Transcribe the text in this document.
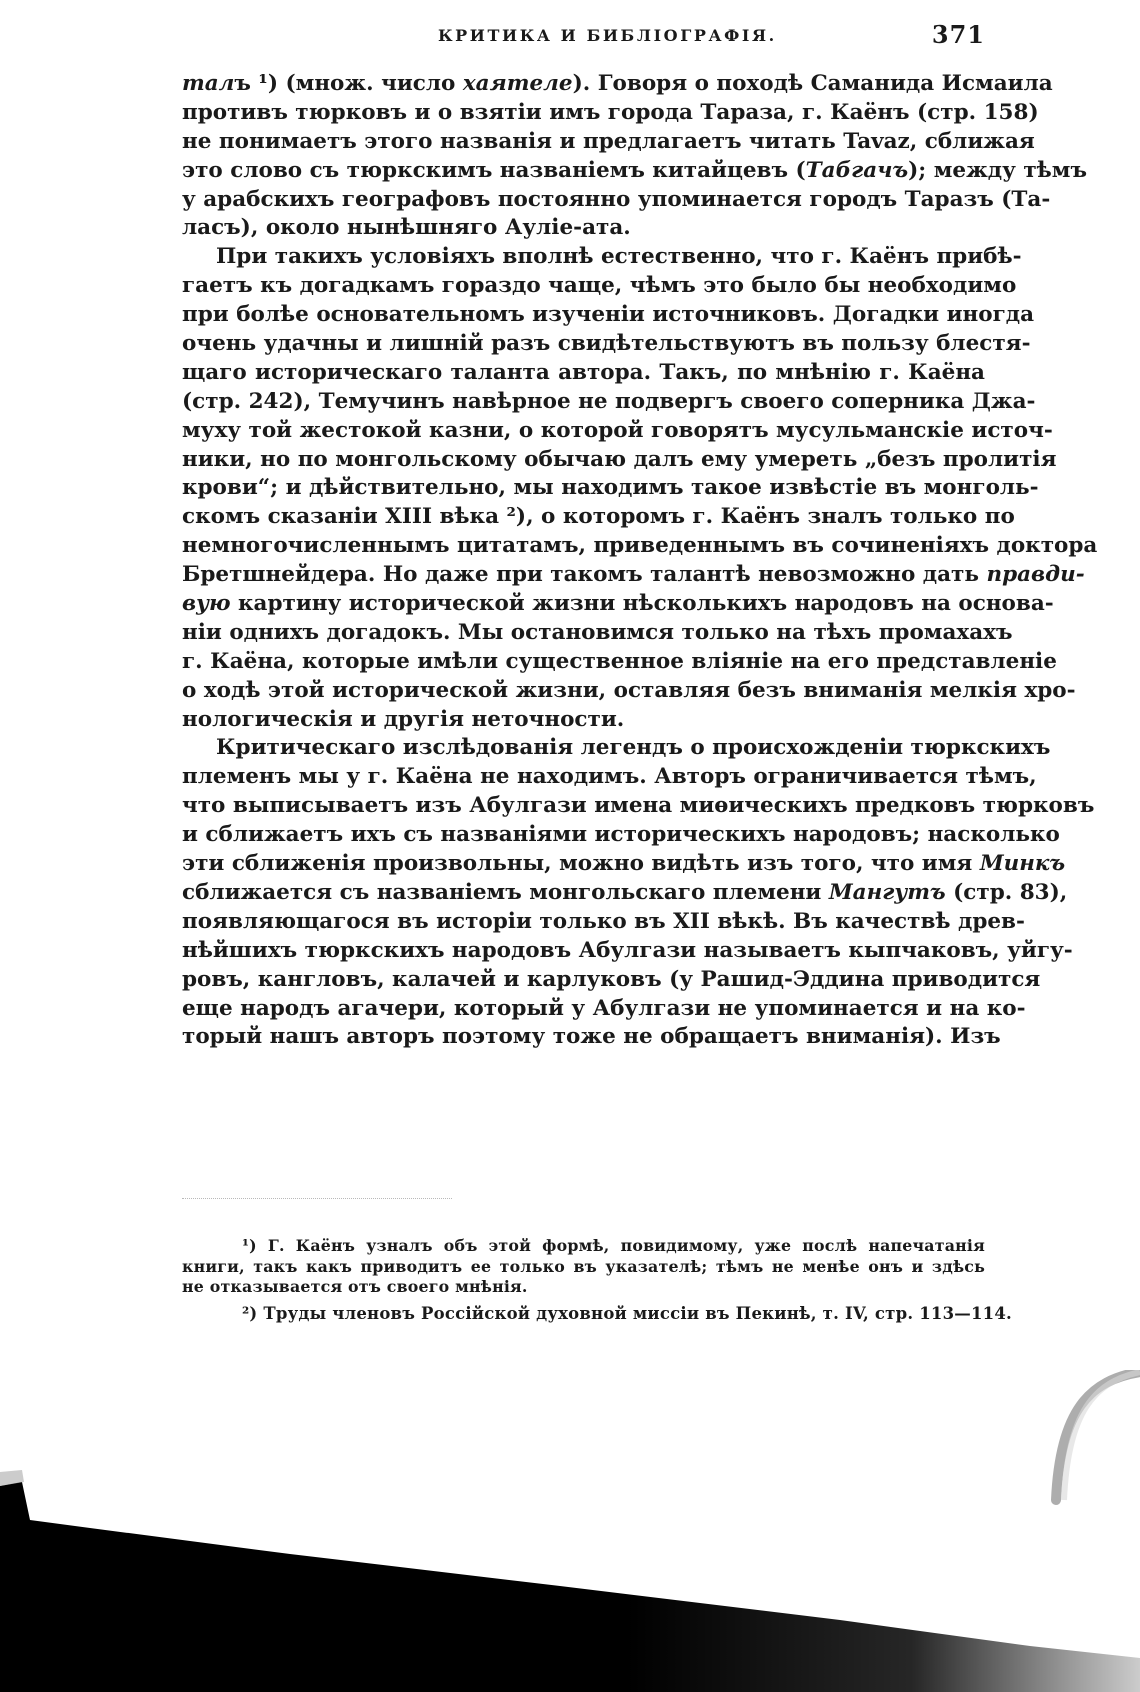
КРИТИКА И БИБЛIОГРАФIЯ.	371

талъ ¹) (множ. число хаятеле). Говоря о походѣ Саманида Исмаила
противъ тюрковъ и о взятiи имъ города Тараза, г. Каёнъ (стр. 158)
не понимаетъ этого названiя и предлагаетъ читать Tavaz, сближая
это слово съ тюркскимъ названiемъ китайцевъ (Табгачъ); между тѣмъ
у арабскихъ географовъ постоянно упоминается городъ Таразъ (Та-
ласъ), около нынѣшняго Аулiе-ата.

При такихъ условiяхъ вполнѣ естественно, что г. Каёнъ прибѣ-
гаетъ къ догадкамъ гораздо чаще, чѣмъ это было бы необходимо
при болѣе основательномъ изученiи источниковъ. Догадки иногда
очень удачны и лишнiй разъ свидѣтельствуютъ въ пользу блестя-
щаго историческаго таланта автора. Такъ, по мнѣнiю г. Каёна
(стр. 242), Темучинъ навѣрное не подвергъ своего соперника Джа-
муху той жестокой казни, о которой говорятъ мусульманскiе источ-
ники, но по монгольскому обычаю далъ ему умереть „безъ пролитiя
крови“; и дѣйствительно, мы находимъ такое извѣстiе въ монголь-
скомъ сказанiи XIII вѣка ²), о которомъ г. Каёнъ зналъ только по
немногочисленнымъ цитатамъ, приведеннымъ въ сочиненiяхъ доктора
Бретшнейдера. Но даже при такомъ талантѣ невозможно дать правди-
вую картину исторической жизни нѣсколькихъ народовъ на основа-
нiи однихъ догадокъ. Мы остановимся только на тѣхъ промахахъ
г. Каёна, которые имѣли существенное влiянiе на его представленiе
о ходѣ этой исторической жизни, оставляя безъ вниманiя мелкiя хро-
нологическiя и другiя неточности.

Критическаго изслѣдованiя легендъ о происхожденiи тюркскихъ
племенъ мы у г. Каёна не находимъ. Авторъ ограничивается тѣмъ,
что выписываетъ изъ Абулгази имена миѳическихъ предковъ тюрковъ
и сближаетъ ихъ съ названiями историческихъ народовъ; насколько
эти сближенiя произвольны, можно видѣть изъ того, что имя Минкъ
сближается съ названiемъ монгольскаго племени Мангутъ (стр. 83),
появляющагося въ исторiи только въ XII вѣкѣ. Въ качествѣ древ-
нѣйшихъ тюркскихъ народовъ Абулгази называетъ кыпчаковъ, уйгу-
ровъ, кангловъ, калачей и карлуковъ (у Рашид-Эддина приводится
еще народъ агачери, который у Абулгази не упоминается и на ко-
торый нашъ авторъ поэтому тоже не обращаетъ вниманiя). Изъ

¹) Г. Каёнъ узналъ объ этой формѣ, повидимому, уже послѣ напечатанiя
книги, такъ какъ приводитъ ее только въ указателѣ; тѣмъ не менѣе онъ и здѣсь
не отказывается отъ своего мнѣнiя.
²) Труды членовъ Россiйской духовной миссiи въ Пекинѣ, т. IV, стр. 113—114.
